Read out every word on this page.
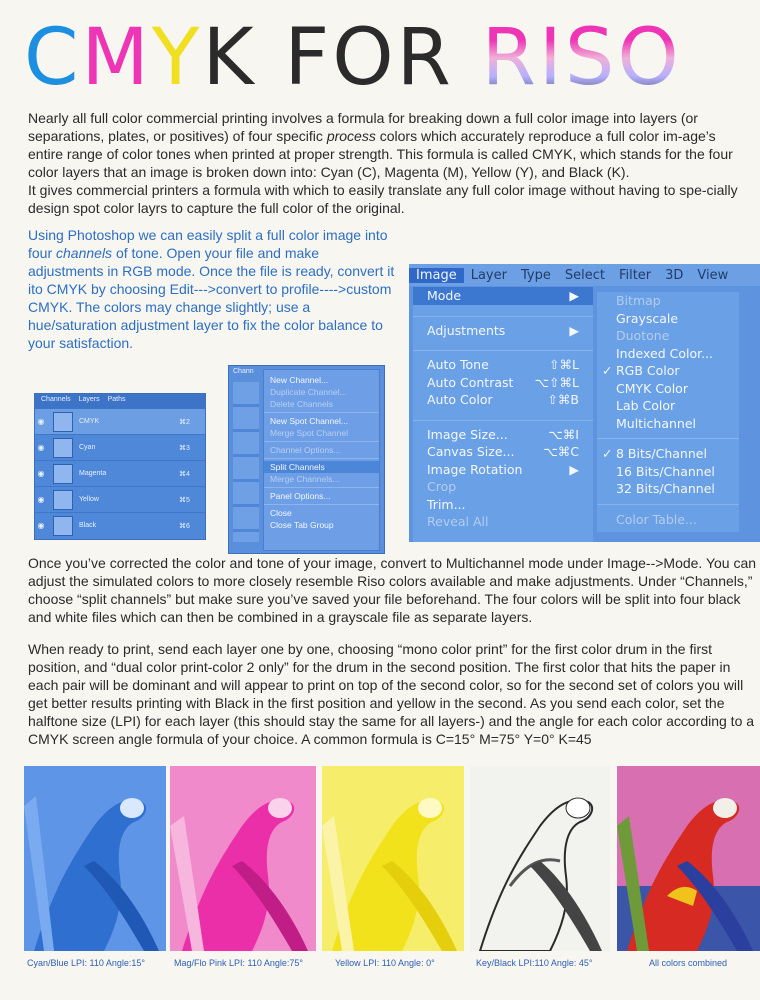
CMYK FOR RISO
Nearly all full color commercial printing involves a formula for breaking down a full color image into layers (or separations, plates, or positives) of four specific process colors which accurately reproduce a full color im-age’s entire range of color tones when printed at proper strength. This formula is called CMYK, which stands for the four color layers that an image is broken down into: Cyan (C), Magenta (M), Yellow (Y), and Black (K).
It gives commercial printers a formula with which to easily translate any full color image without having to spe-cially design spot color layrs to capture the full color of the original.
Using Photoshop we can easily split a full color image into four channels of tone. Open your file and make adjustments in RGB mode. Once the file is ready, convert it ito CMYK by choosing Edit--->convert to profile---->custom CMYK. The colors may change slightly; use a hue/saturation adjustment layer to fix the color balance to your satisfaction.
Channels Layers Paths
◉	CMYK	⌘2
◉	Cyan	⌘3
◉	Magenta	⌘4
◉	Yellow	⌘5
◉	Black	⌘6
Chann
New Channel...
Duplicate Channel...
Delete Channels
New Spot Channel...
Merge Spot Channel
Channel Options...
Split Channels
Merge Channels...
Panel Options...
Close
Close Tab Group
Image	Layer	Type	Select	Filter	3D	View
Mode	▶
Adjustments	▶
Auto Tone	⇧⌘L
Auto Contrast ⌥⇧⌘L
Auto Color	⇧⌘B
Image Size...	⌥⌘I
Canvas Size... ⌥⌘C
Image Rotation	▶
Crop
Trim...
Reveal All
Bitmap
Grayscale
Duotone
Indexed Color...
✓ RGB Color
CMYK Color
Lab Color
Multichannel
✓ 8 Bits/Channel
16 Bits/Channel
32 Bits/Channel
Color Table...
Once you’ve corrected the color and tone of your image, convert to Multichannel mode under Image-->Mode. You can adjust the simulated colors to more closely resemble Riso colors available and make adjustments. Under “Channels,” choose “split channels” but make sure you’ve saved your file beforehand. The four colors will be split into four black and white files which can then be combined in a grayscale file as separate layers.
When ready to print, send each layer one by one, choosing “mono color print” for the first color drum in the first position, and “dual color print-color 2 only” for the drum in the second position. The first color that hits the paper in each pair will be dominant and will appear to print on top of the second color, so for the second set of colors you will get better results printing with Black in the first position and yellow in the second. As you send each color, set the halftone size (LPI) for each layer (this should stay the same for all layers-) and the angle for each color according to a CMYK screen angle formula of your choice. A common formula is C=15° M=75° Y=0° K=45
Cyan/Blue LPI: 110 Angle:15°	Mag/Flo Pink LPI: 110 Angle:75°	Yellow LPI: 110 Angle: 0°	Key/Black LPI:110 Angle: 45°	All colors combined
